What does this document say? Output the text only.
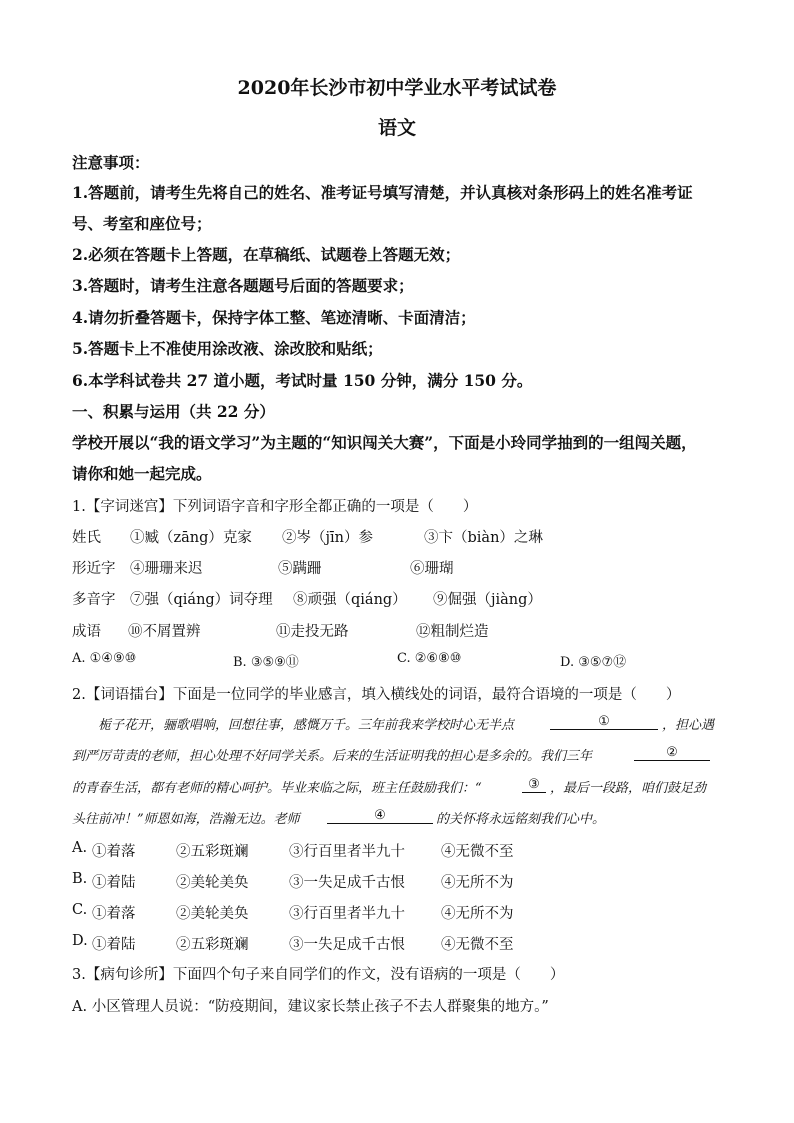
2020年长沙市初中学业水平考试试卷
语文
注意事项：
1.答题前，请考生先将自己的姓名、准考证号填写清楚，并认真核对条形码上的姓名准考证
号、考室和座位号；
2.必须在答题卡上答题，在草稿纸、试题卷上答题无效；
3.答题时，请考生注意各题题号后面的答题要求；
4.请勿折叠答题卡，保持字体工整、笔迹清晰、卡面清洁；
5.答题卡上不准使用涂改液、涂改胶和贴纸；
6.本学科试卷共 27 道小题，考试时量 150 分钟，满分 150 分。
一、积累与运用（共 22 分）
学校开展以“我的语文学习”为主题的“知识闯关大赛”，下面是小玲同学抽到的一组闯关题，
请你和她一起完成。
1.【字词迷宫】下列词语字音和字形全都正确的一项是（　　）
姓氏 ①臧（zāng）克家 ②岑（jīn）参	③卞（biàn）之琳
形近字 ④珊珊来迟	⑤蹒跚	⑥珊瑚
多音字 ⑦强（qiáng）词夺理 ⑧顽强（qiáng） ⑨倔强（jiàng）
成语 ⑩不屑置辨	⑪走投无路	⑫粗制烂造
A. ①④⑨⑩	B. ③⑤⑨⑪	C. ②⑥⑧⑩	D. ③⑤⑦⑫
2.【词语擂台】下面是一位同学的毕业感言，填入横线处的词语，最符合语境的一项是（　　）
栀子花开，骊歌唱响，回想往事，感慨万千。三年前我来学校时心无半点	①	，担心遇
到严厉苛责的老师，担心处理不好同学关系。后来的生活证明我的担心是多余的。我们三年	②
的青春生活，都有老师的精心呵护。毕业来临之际，班主任鼓励我们：“	③ ，最后一段路，咱们鼓足劲
头往前冲！”师恩如海，浩瀚无边。老师	④	的关怀将永远铭刻我们心中。
A. ①着落	②五彩斑斓	③行百里者半九十 ④无微不至
B. ①着陆	②美轮美奂	③一失足成千古恨 ④无所不为
C. ①着落	②美轮美奂	③行百里者半九十 ④无所不为
D. ①着陆	②五彩斑斓	③一失足成千古恨 ④无微不至
3.【病句诊所】下面四个句子来自同学们的作文，没有语病的一项是（　　）
A. 小区管理人员说：“防疫期间，建议家长禁止孩子不去人群聚集的地方。”
